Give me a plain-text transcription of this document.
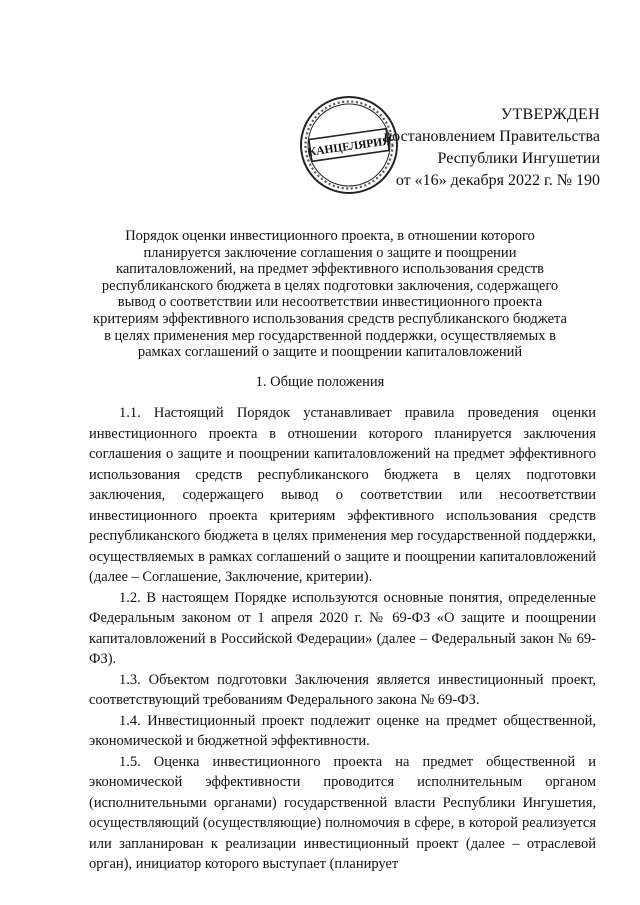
КАНЦЕЛЯРИЯ
УТВЕРЖДЕН
постановлением Правительства
Республики Ингушетии
от «16» декабря 2022 г. № 190
Порядок оценки инвестиционного проекта, в отношении которого
планируется заключение соглашения о защите и поощрении
капиталовложений, на предмет эффективного использования средств
республиканского бюджета в целях подготовки заключения, содержащего
вывод о соответствии или несоответствии инвестиционного проекта
критериям эффективного использования средств республиканского бюджета
в целях применения мер государственной поддержки, осуществляемых в
рамках соглашений о защите и поощрении капиталовложений
1. Общие положения

1.1. Настоящий Порядок устанавливает правила проведения оценки инвестиционного проекта в отношении которого планируется заключения соглашения о защите и поощрении капиталовложений на предмет эффективного использования средств республиканского бюджета в целях подготовки заключения, содержащего вывод о соответствии или несоответствии инвестиционного проекта критериям эффективного использования средств республиканского бюджета в целях применения мер государственной поддержки, осуществляемых в рамках соглашений о защите и поощрении капиталовложений (далее – Соглашение, Заключение, критерии).

1.2. В настоящем Порядке используются основные понятия, определенные Федеральным законом от 1 апреля 2020 г. № 69-ФЗ «О защите и поощрении капиталовложений в Российской Федерации» (далее – Федеральный закон № 69-ФЗ).

1.3. Объектом подготовки Заключения является инвестиционный проект, соответствующий требованиям Федерального закона № 69-ФЗ.

1.4. Инвестиционный проект подлежит оценке на предмет общественной, экономической и бюджетной эффективности.

1.5. Оценка инвестиционного проекта на предмет общественной и экономической эффективности проводится исполнительным органом (исполнительными органами) государственной власти Республики Ингушетия, осуществляющий (осуществляющие) полномочия в сфере, в которой реализуется или запланирован к реализации инвестиционный проект (далее – отраслевой орган), инициатор которого выступает (планирует
